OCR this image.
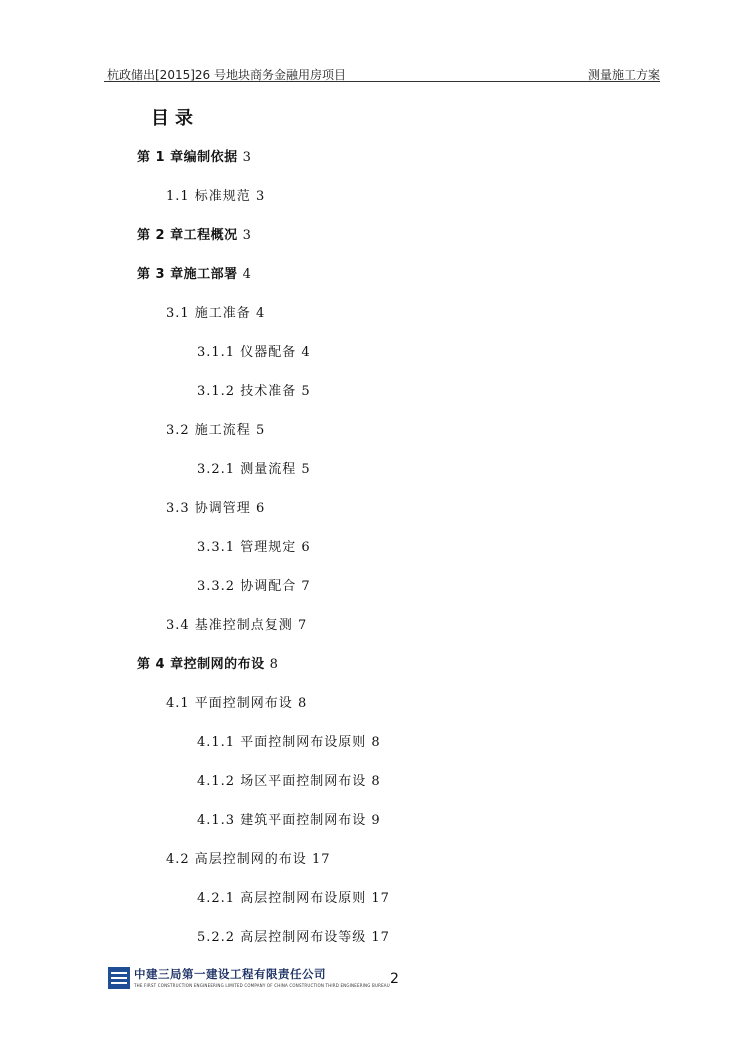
杭政储出[2015]26 号地块商务金融用房项目	测量施工方案
目录
第 1 章编制依据 3
1.1 标准规范 3
第 2 章工程概况 3
第 3 章施工部署 4
3.1 施工准备 4
3.1.1 仪器配备 4
3.1.2 技术准备 5
3.2 施工流程 5
3.2.1 测量流程 5
3.3 协调管理 6
3.3.1 管理规定 6
3.3.2 协调配合 7
3.4 基准控制点复测 7
第 4 章控制网的布设 8
4.1 平面控制网布设 8
4.1.1 平面控制网布设原则 8
4.1.2 场区平面控制网布设 8
4.1.3 建筑平面控制网布设 9
4.2 高层控制网的布设 17
4.2.1 高层控制网布设原则 17
5.2.2 高层控制网布设等级 17
中建三局第一建设工程有限责任公司
THE FIRST CONSTRUCTION ENGINEERING LIMITED COMPANY OF CHINA CONSTRUCTION THIRD ENGINEERING BUREAU 2
